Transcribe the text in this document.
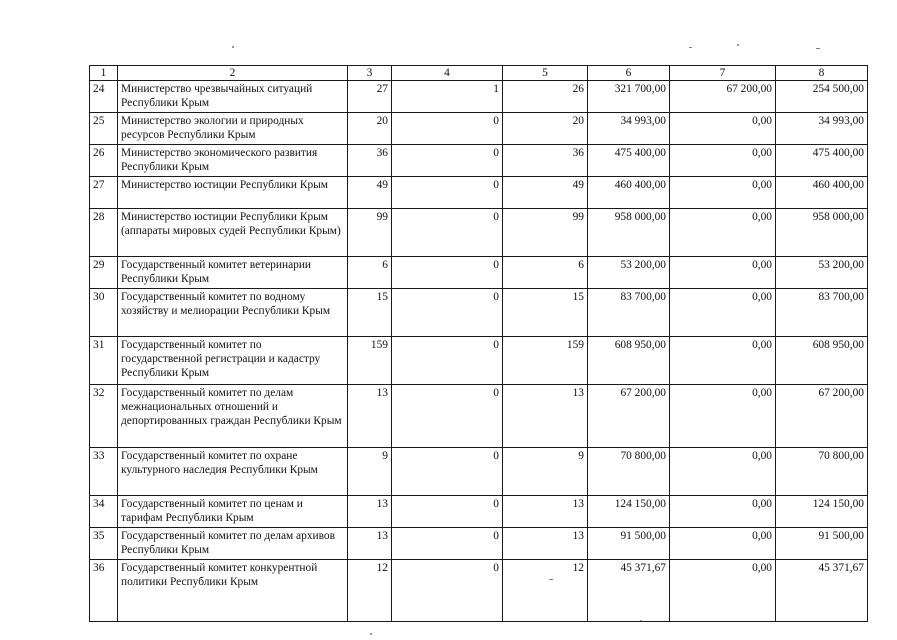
1	2	3	4	5	6	7	8
24	Министерство чрезвычайных ситуаций Республики Крым	27	1	26	321 700,00	67 200,00	254 500,00
25	Министерство экологии и природных ресурсов Республики Крым	20	0	20	34 993,00	0,00	34 993,00
26	Министерство экономического развития Республики Крым	36	0	36	475 400,00	0,00	475 400,00
27	Министерство юстиции Республики Крым	49	0	49	460 400,00	0,00	460 400,00
28	Министерство юстиции Республики Крым (аппараты мировых судей Республики Крым)	99	0	99	958 000,00	0,00	958 000,00
29	Государственный комитет ветеринарии Республики Крым	6	0	6	53 200,00	0,00	53 200,00
30	Государственный комитет по водному хозяйству и мелиорации Республики Крым	15	0	15	83 700,00	0,00	83 700,00
31	Государственный комитет по государственной регистрации и кадастру Республики Крым	159	0	159	608 950,00	0,00	608 950,00
32	Государственный комитет по делам межнациональных отношений и депортированных граждан Республики Крым	13	0	13	67 200,00	0,00	67 200,00
33	Государственный комитет по охране культурного наследия Республики Крым	9	0	9	70 800,00	0,00	70 800,00
34	Государственный комитет по ценам и тарифам Республики Крым	13	0	13	124 150,00	0,00	124 150,00
35	Государственный комитет по делам архивов Республики Крым	13	0	13	91 500,00	0,00	91 500,00
36	Государственный комитет конкурентной политики Республики Крым	12	0	12	45 371,67	0,00	45 371,67
